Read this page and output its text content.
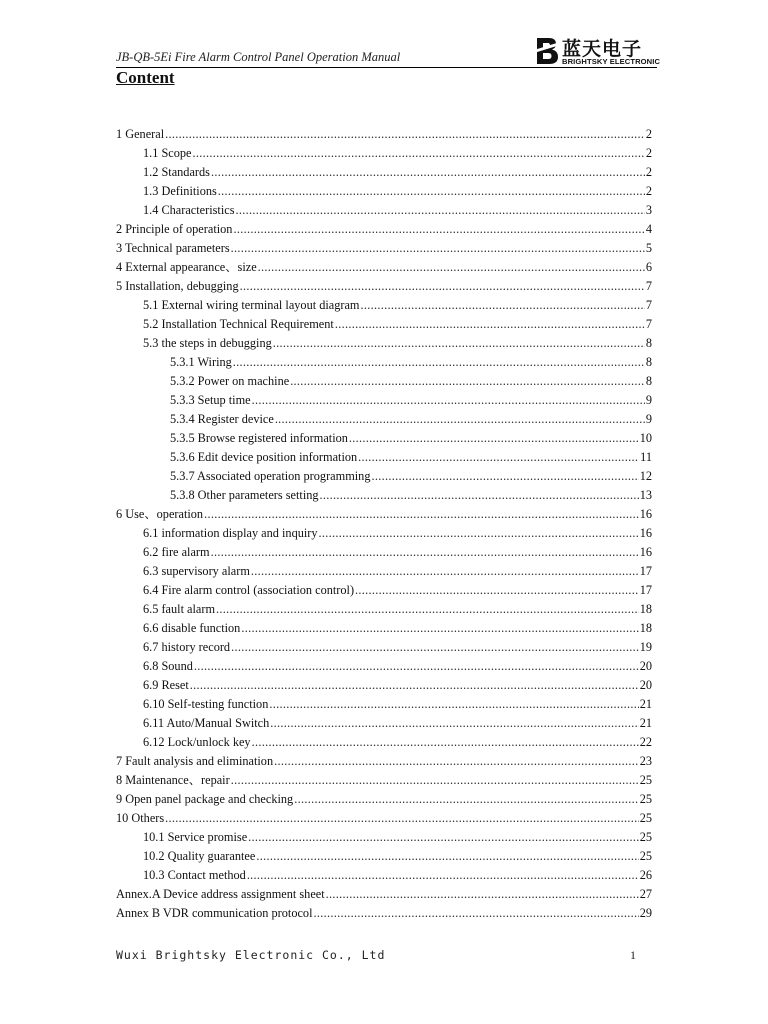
JB-QB-5Ei Fire Alarm Control Panel Operation Manual	蓝天电子
BRIGHTSKY ELECTRONIC
Content
1 General .....	2
1.1 Scope .....	2
1.2 Standards .....	2
1.3 Definitions .....	2
1.4 Characteristics .....	3
2 Principle of operation .....	4
3 Technical parameters .....	5
4 External appearance、size .....	6
5 Installation, debugging .....	7
5.1 External wiring terminal layout diagram .....	7
5.2 Installation Technical Requirement .....	7
5.3 the steps in debugging .....	8
5.3.1 Wiring .....	8
5.3.2 Power on machine .....	8
5.3.3 Setup time .....	9
5.3.4 Register device .....	9
5.3.5 Browse registered information .....	10
5.3.6 Edit device position information .....	11
5.3.7 Associated operation programming .....	12
5.3.8 Other parameters setting .....	13
6 Use、operation .....	16
6.1 information display and inquiry .....	16
6.2 fire alarm .....	16
6.3 supervisory alarm .....	17
6.4 Fire alarm control (association control) .....	17
6.5 fault alarm .....	18
6.6 disable function .....	18
6.7 history record .....	19
6.8 Sound .....	20
6.9 Reset .....	20
6.10 Self-testing function .....	21
6.11 Auto/Manual Switch .....	21
6.12 Lock/unlock key .....	22
7 Fault analysis and elimination .....	23
8 Maintenance、repair .....	25
9 Open panel package and checking .....	25
10 Others .....	25
10.1 Service promise .....	25
10.2 Quality guarantee .....	25
10.3 Contact method .....	26
Annex.A Device address assignment sheet .....	27
Annex B VDR communication protocol .....	29
Wuxi Brightsky Electronic Co., Ltd	1
